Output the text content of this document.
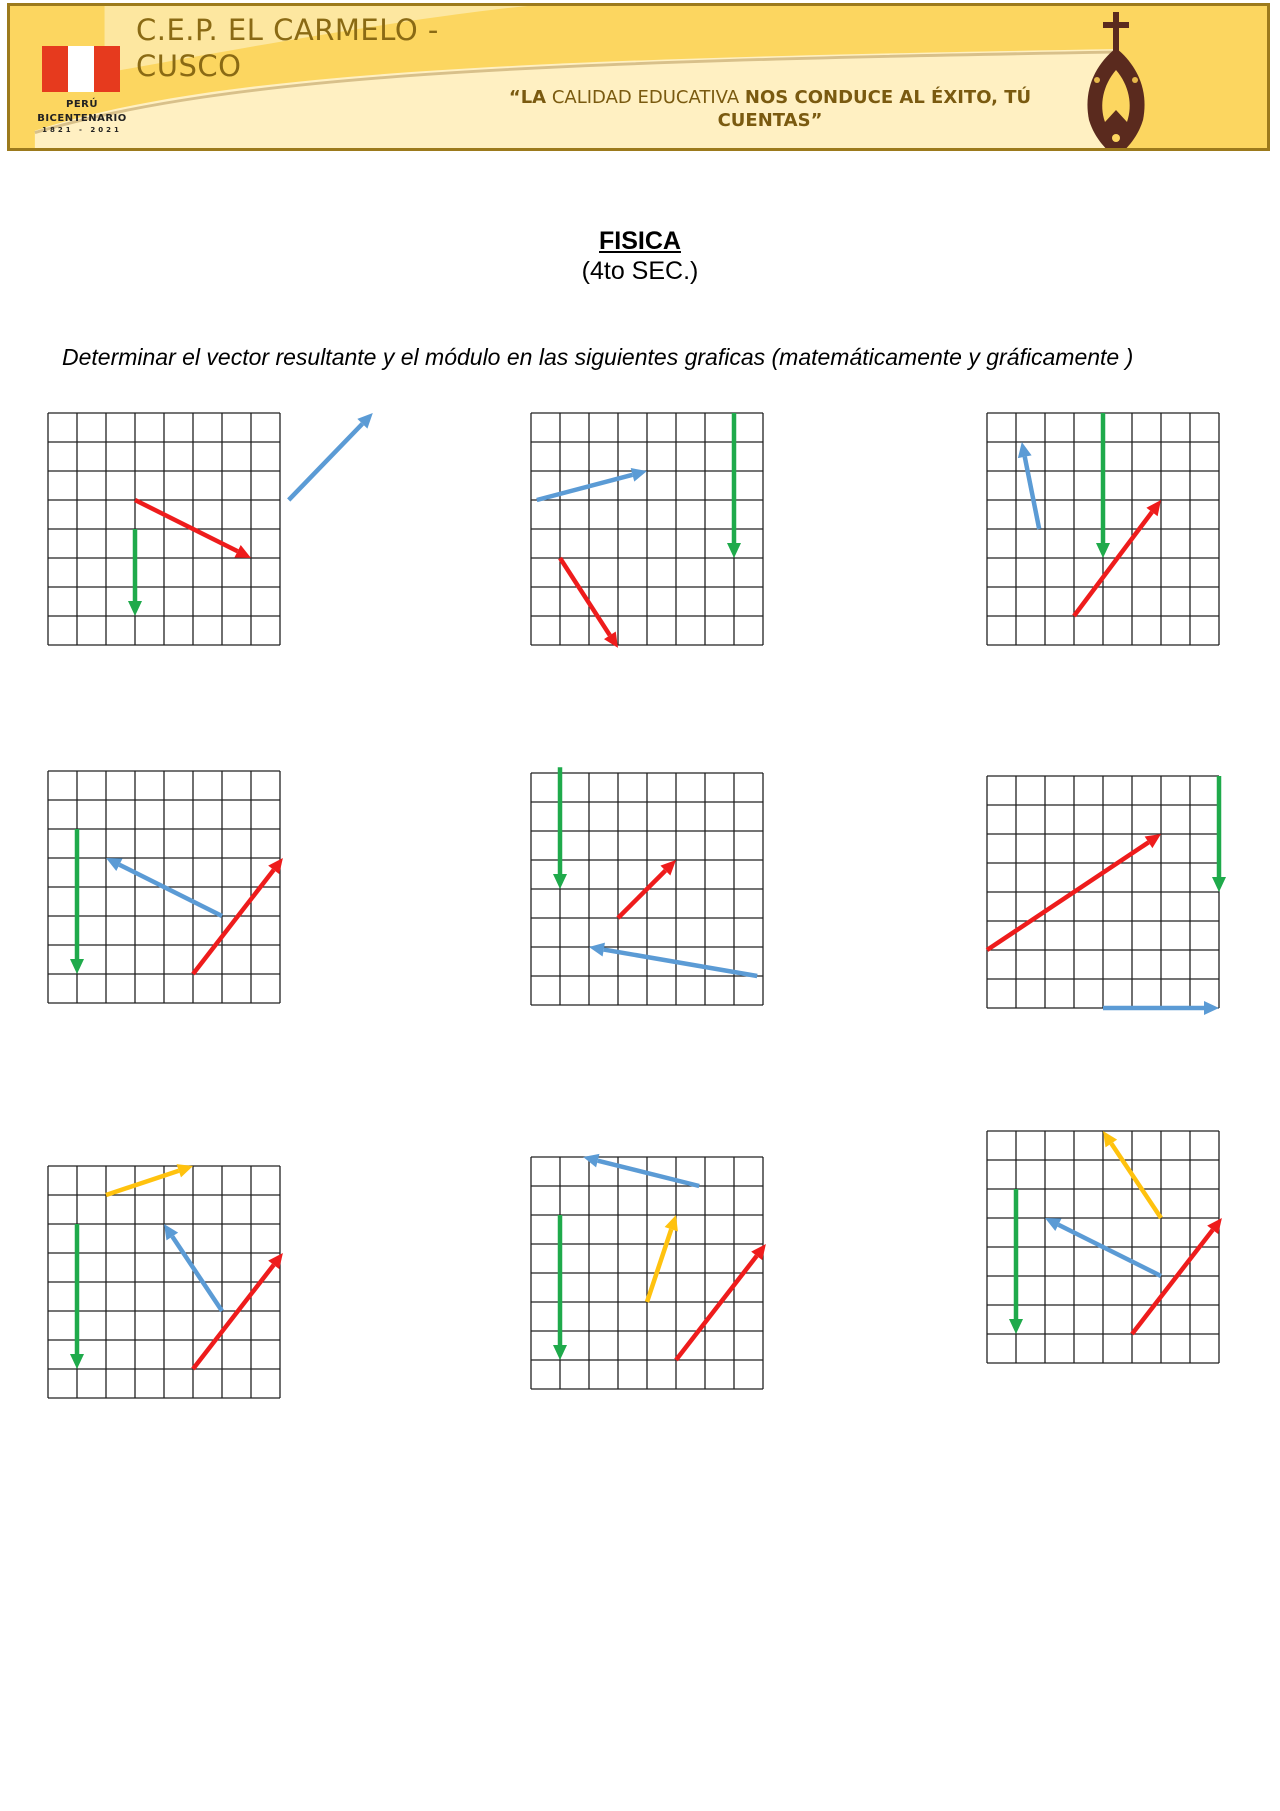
PERÚ BICENTENARIO
1821 - 2021
C.E.P. EL CARMELO - CUSCO
“LA CALIDAD EDUCATIVA NOS CONDUCE AL ÉXITO, TÚ CUENTAS”
FISICA
(4to SEC.)
Determinar el vector resultante y el módulo en las siguientes graficas (matemáticamente y gráficamente )
